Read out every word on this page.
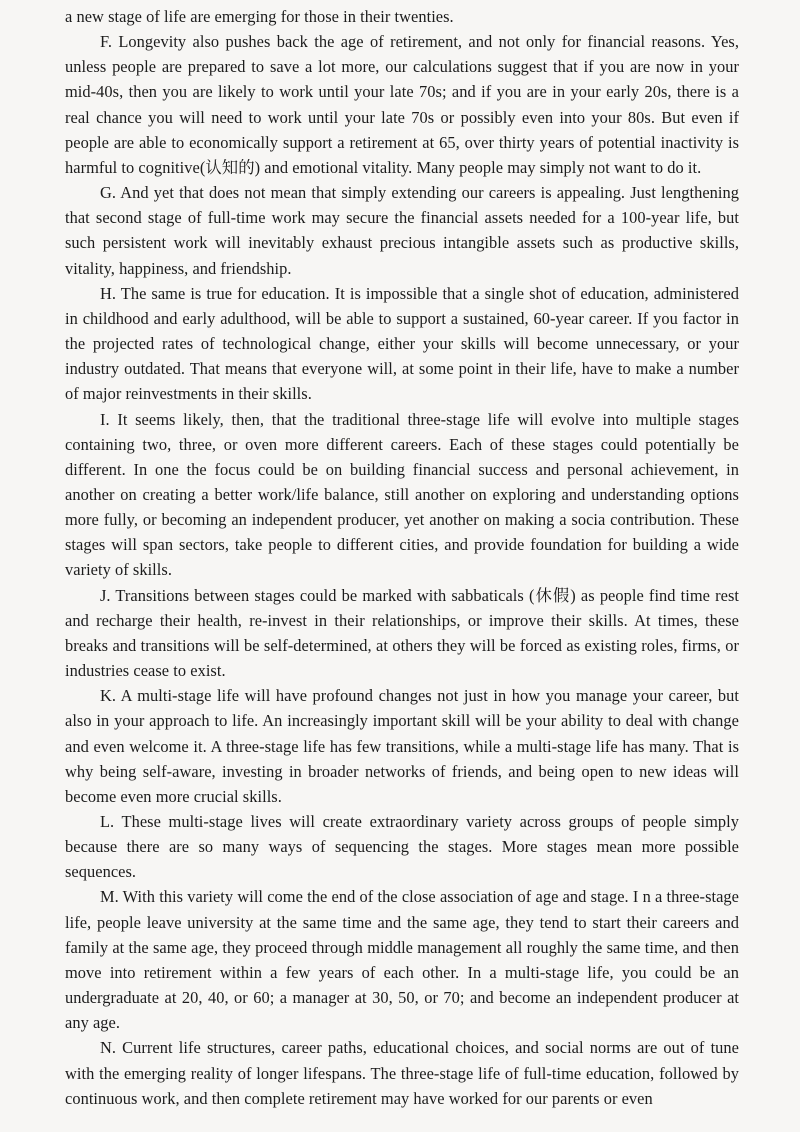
a new stage of life are emerging for those in their twenties.

F. Longevity also pushes back the age of retirement, and not only for financial reasons. Yes, unless people are prepared to save a lot more, our calculations suggest that if you are now in your mid-40s, then you are likely to work until your late 70s; and if you are in your early 20s, there is a real chance you will need to work until your late 70s or possibly even into your 80s. But even if people are able to economically support a retirement at 65, over thirty years of potential inactivity is harmful to cognitive(认知的) and emotional vitality. Many people may simply not want to do it.

G. And yet that does not mean that simply extending our careers is appealing. Just lengthening that second stage of full-time work may secure the financial assets needed for a 100-year life, but such persistent work will inevitably exhaust precious intangible assets such as productive skills, vitality, happiness, and friendship.

H. The same is true for education. It is impossible that a single shot of education, administered in childhood and early adulthood, will be able to support a sustained, 60-year career. If you factor in the projected rates of technological change, either your skills will become unnecessary, or your industry outdated. That means that everyone will, at some point in their life, have to make a number of major reinvestments in their skills.

I. It seems likely, then, that the traditional three-stage life will evolve into multiple stages containing two, three, or oven more different careers. Each of these stages could potentially be different. In one the focus could be on building financial success and personal achievement, in another on creating a better work/life balance, still another on exploring and understanding options more fully, or becoming an independent producer, yet another on making a socia contribution. These stages will span sectors, take people to different cities, and provide foundation for building a wide variety of skills.

J. Transitions between stages could be marked with sabbaticals (休假) as people find time rest and recharge their health, re-invest in their relationships, or improve their skills. At times, these breaks and transitions will be self-determined, at others they will be forced as existing roles, firms, or industries cease to exist.

K. A multi-stage life will have profound changes not just in how you manage your career, but also in your approach to life. An increasingly important skill will be your ability to deal with change and even welcome it. A three-stage life has few transitions, while a multi-stage life has many. That is why being self-aware, investing in broader networks of friends, and being open to new ideas will become even more crucial skills.

L. These multi-stage lives will create extraordinary variety across groups of people simply because there are so many ways of sequencing the stages. More stages mean more possible sequences.

M. With this variety will come the end of the close association of age and stage. I n a three-stage life, people leave university at the same time and the same age, they tend to start their careers and family at the same age, they proceed through middle management all roughly the same time, and then move into retirement within a few years of each other. In a multi-stage life, you could be an undergraduate at 20, 40, or 60; a manager at 30, 50, or 70; and become an independent producer at any age.

N. Current life structures, career paths, educational choices, and social norms are out of tune with the emerging reality of longer lifespans. The three-stage life of full-time education, followed by continuous work, and then complete retirement may have worked for our parents or even
